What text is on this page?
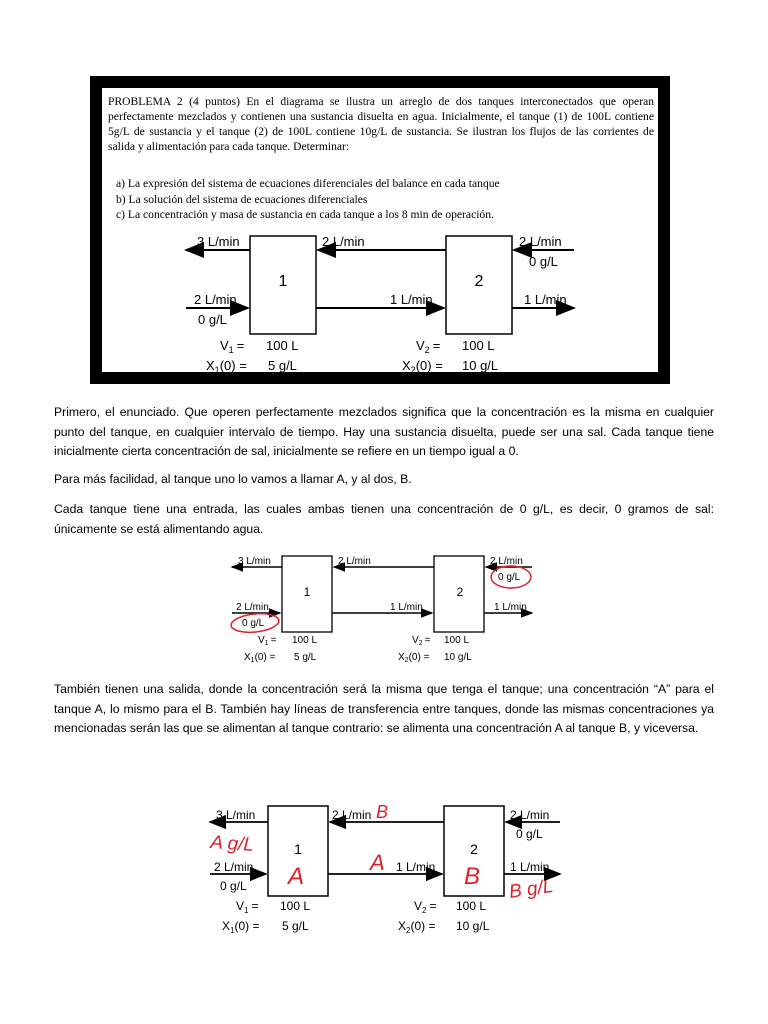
PROBLEMA 2 (4 puntos) En el diagrama se ilustra un arreglo de dos tanques interconectados que operan perfectamente mezclados y contienen una sustancia disuelta en agua. Inicialmente, el tanque (1) de 100L contiene 5g/L de sustancia y el tanque (2) de 100L contiene 10g/L de sustancia. Se ilustran los flujos de las corrientes de salida y alimentación para cada tanque. Determinar:
a) La expresión del sistema de ecuaciones diferenciales del balance en cada tanque
b) La solución del sistema de ecuaciones diferenciales
c) La concentración y masa de sustancia en cada tanque a los 8 min de operación.
1	2
3 L/min	2 L/min	2 L/min
0 g/L
2 L/min
0 g/L
1 L/min	1 L/min
$V_1 = 100$ L
$X_1(0) = 5$ g/L
$V_2 = 100$ L
$X_2(0) = 10$ g/L
Primero, el enunciado. Que operen perfectamente mezclados significa que la concentración es la misma en cualquier punto del tanque, en cualquier intervalo de tiempo. Hay una sustancia disuelta, puede ser una sal. Cada tanque tiene inicialmente cierta concentración de sal, inicialmente se refiere en un tiempo igual a 0.
Para más facilidad, al tanque uno lo vamos a llamar A, y al dos, B.
Cada tanque tiene una entrada, las cuales ambas tienen una concentración de 0 g/L, es decir, 0 gramos de sal: únicamente se está alimentando agua.
1	2
3 L/min	2 L/min	2 L/min
0 g/L
2 L/min
0 g/L
1 L/min	1 L/min
$V_1 = 100$ L
$X_1(0) = 5$ g/L
$V_2 = 100$ L
$X_2(0) = 10$ g/L
También tienen una salida, donde la concentración será la misma que tenga el tanque; una concentración “A” para el tanque A, lo mismo para el B. También hay líneas de transferencia entre tanques, donde las mismas concentraciones ya mencionadas serán las que se alimentan al tanque contrario: se alimenta una concentración A al tanque B, y viceversa.
1	2
3 L/min	2 L/min	2 L/min
0 g/L
2 L/min
0 g/L
1 L/min	1 L/min
$V_1 = 100$ L
$X_1(0) = 5$ g/L
$V_2 = 100$ L
$X_2(0) = 10$ g/L
A g/L
A
A
B
B B g/L
